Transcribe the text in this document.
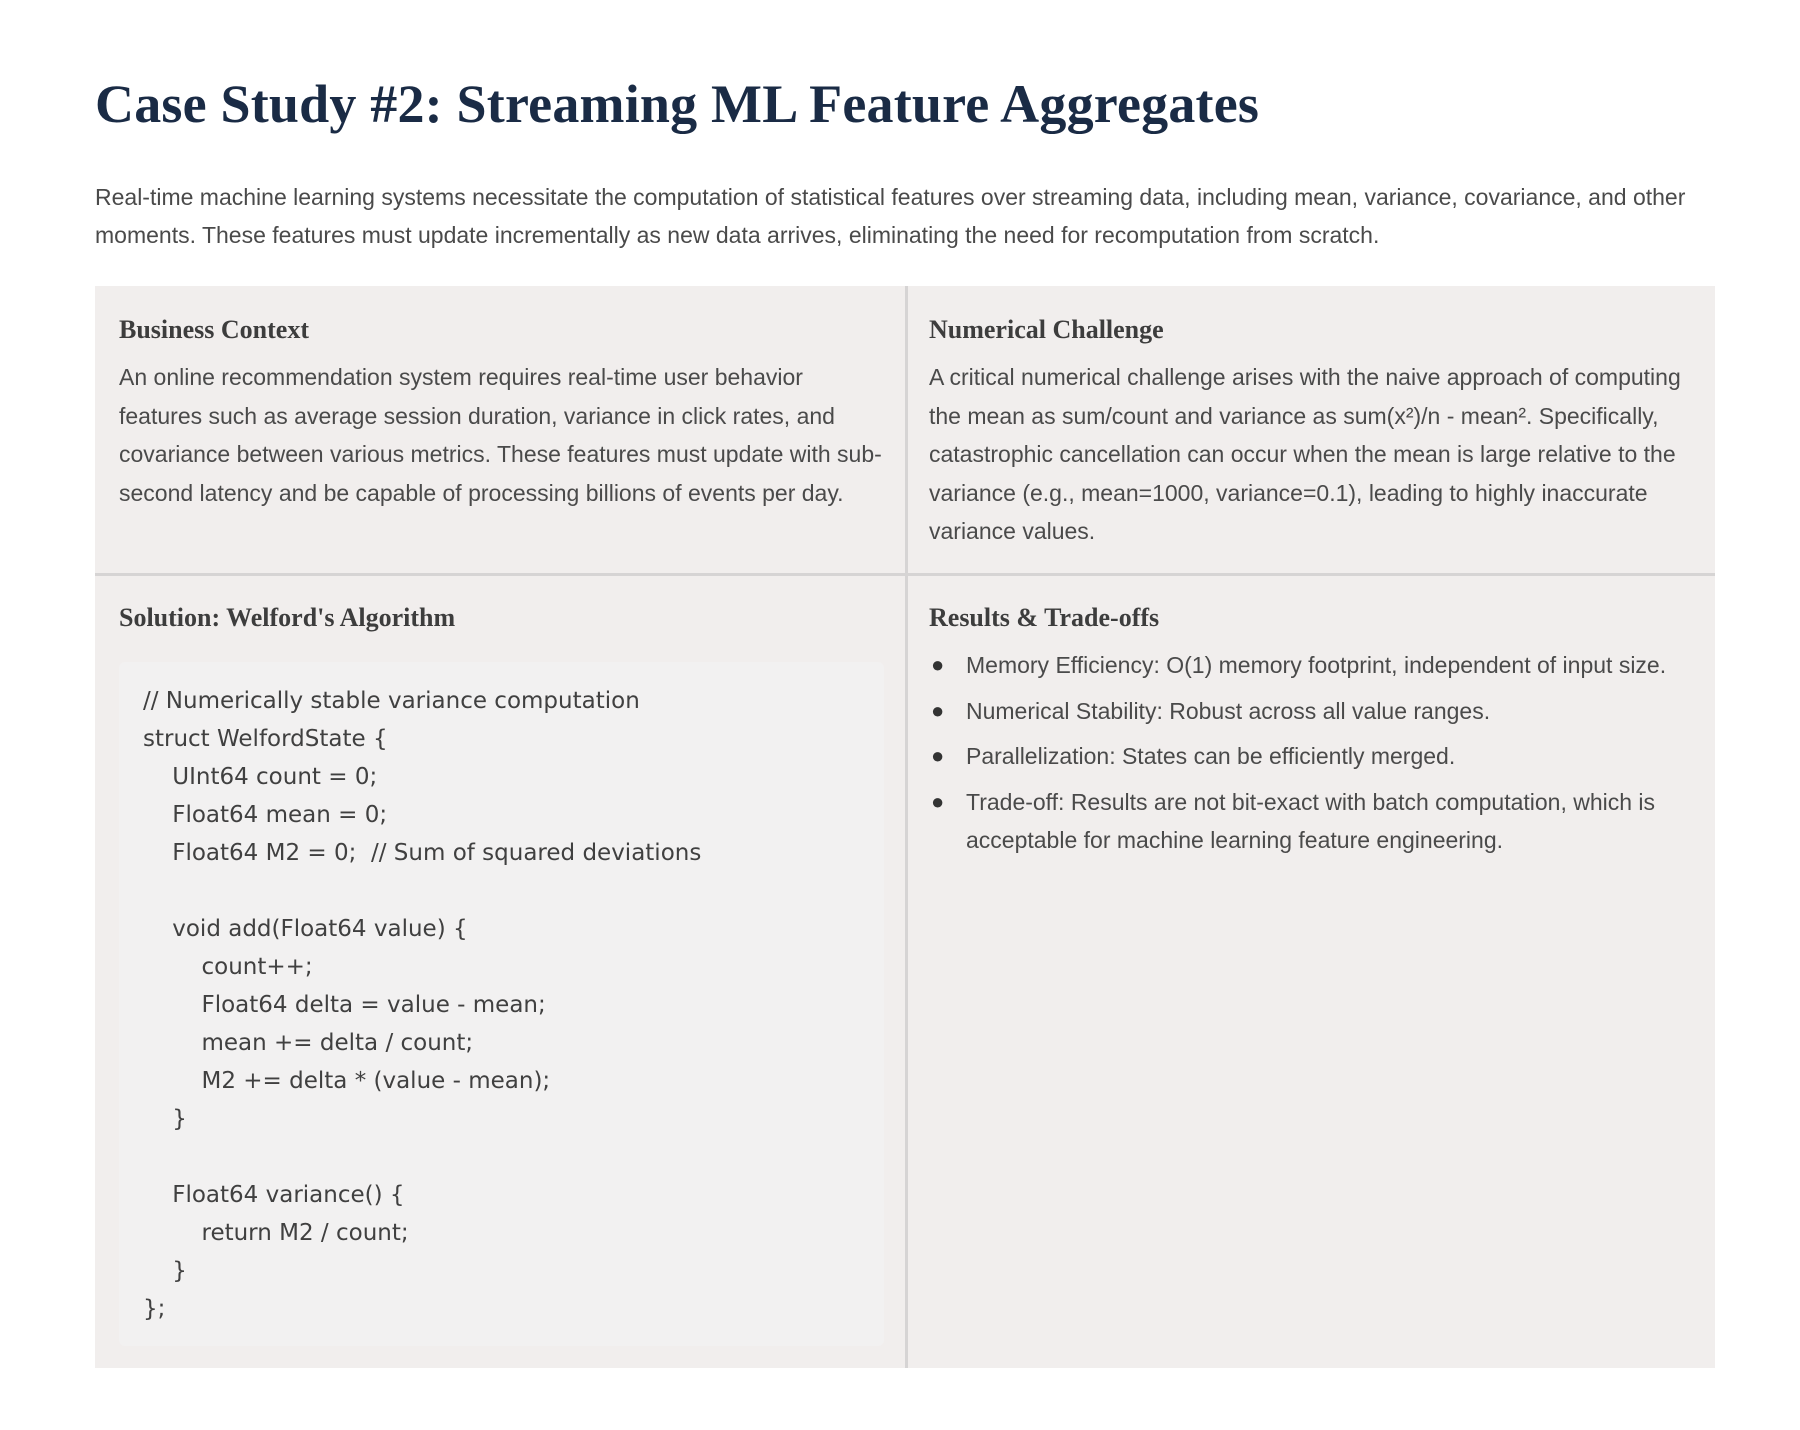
Case Study #2: Streaming ML Feature Aggregates

Real-time machine learning systems necessitate the computation of statistical features over streaming data, including mean, variance, covariance, and other moments. These features must update incrementally as new data arrives, eliminating the need for recomputation from scratch.

Business Context

An online recommendation system requires real-time user behavior features such as average session duration, variance in click rates, and covariance between various metrics. These features must update with sub-second latency and be capable of processing billions of events per day.

Numerical Challenge

A critical numerical challenge arises with the naive approach of computing the mean as sum/count and variance as sum(x²)/n - mean². Specifically, catastrophic cancellation can occur when the mean is large relative to the variance (e.g., mean=1000, variance=0.1), leading to highly inaccurate variance values.

Solution: Welford's Algorithm
// Numerically stable variance computation
struct WelfordState {
UInt64 count = 0;
Float64 mean = 0;
Float64 M2 = 0;  // Sum of squared deviations

void add(Float64 value) {
count++;
Float64 delta = value - mean;
mean += delta / count;
M2 += delta * (value - mean);
}

Float64 variance() {
return M2 / count;
}
};
Results & Trade-offs
● Memory Efficiency: O(1) memory footprint, independent of input size.
● Numerical Stability: Robust across all value ranges.
● Parallelization: States can be efficiently merged.
● Trade-off: Results are not bit-exact with batch computation, which is acceptable for machine learning feature engineering.
